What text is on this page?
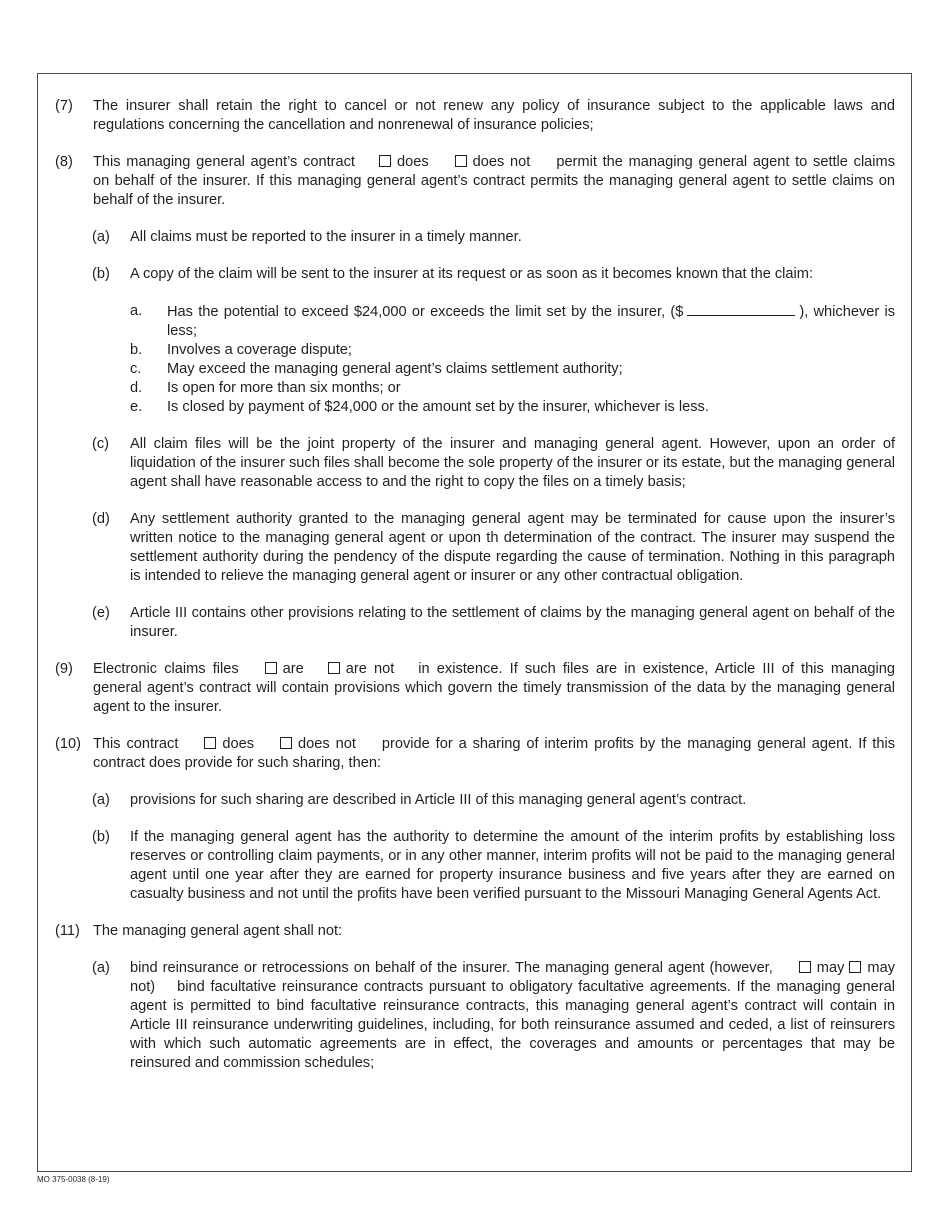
(7)	The insurer shall retain the right to cancel or not renew any policy of insurance subject to the applicable laws and regulations concerning the cancellation and nonrenewal of insurance policies;
(8)	This managing general agent’s contract	does	does not permit the managing general agent to settle claims on behalf of the insurer. If this managing general agent’s contract permits the managing general agent to settle claims on behalf of the insurer.
(a)	All claims must be reported to the insurer in a timely manner.
(b)	A copy of the claim will be sent to the insurer at its request or as soon as it becomes known that the claim:
a.	Has the potential to exceed $24,000 or exceeds the limit set by the insurer, ($	), whichever is less;
b.	Involves a coverage dispute;
c.	May exceed the managing general agent’s claims settlement authority;
d.	Is open for more than six months; or
e.	Is closed by payment of $24,000 or the amount set by the insurer, whichever is less.
(c)	All claim files will be the joint property of the insurer and managing general agent. However, upon an order of liquidation of the insurer such files shall become the sole property of the insurer or its estate, but the managing general agent shall have reasonable access to and the right to copy the files on a timely basis;
(d)	Any settlement authority granted to the managing general agent may be terminated for cause upon the insurer’s written notice to the managing general agent or upon th determination of the contract. The insurer may suspend the settlement authority during the pendency of the dispute regarding the cause of termination. Nothing in this paragraph is intended to relieve the managing general agent or insurer or any other contractual obligation.
(e)	Article III contains other provisions relating to the settlement of claims by the managing general agent on behalf of the insurer.
(9)	Electronic claims files	are	are not in existence. If such files are in existence, Article III of this managing general agent’s contract will contain provisions which govern the timely transmission of the data by the managing general agent to the insurer.
(10) This contract	does	does not provide for a sharing of interim profits by the managing general agent. If this contract does provide for such sharing, then:
(a)	provisions for such sharing are described in Article III of this managing general agent’s contract.
(b)	If the managing general agent has the authority to determine the amount of the interim profits by establishing loss reserves or controlling claim payments, or in any other manner, interim profits will not be paid to the managing general agent until one year after they are earned for property insurance business and five years after they are earned on casualty business and not until the profits have been verified pursuant to the Missouri Managing General Agents Act.
(11) The managing general agent shall not:
(a)	bind reinsurance or retrocessions on behalf of the insurer. The managing general agent (however,	may may not) bind facultative reinsurance contracts pursuant to obligatory facultative agreements. If the managing general agent is permitted to bind facultative reinsurance contracts, this managing general agent’s contract will contain in Article III reinsurance underwriting guidelines, including, for both reinsurance assumed and ceded, a list of reinsurers with which such automatic agreements are in effect, the coverages and amounts or percentages that may be reinsured and commission schedules;
MO 375-0038 (8-19)
